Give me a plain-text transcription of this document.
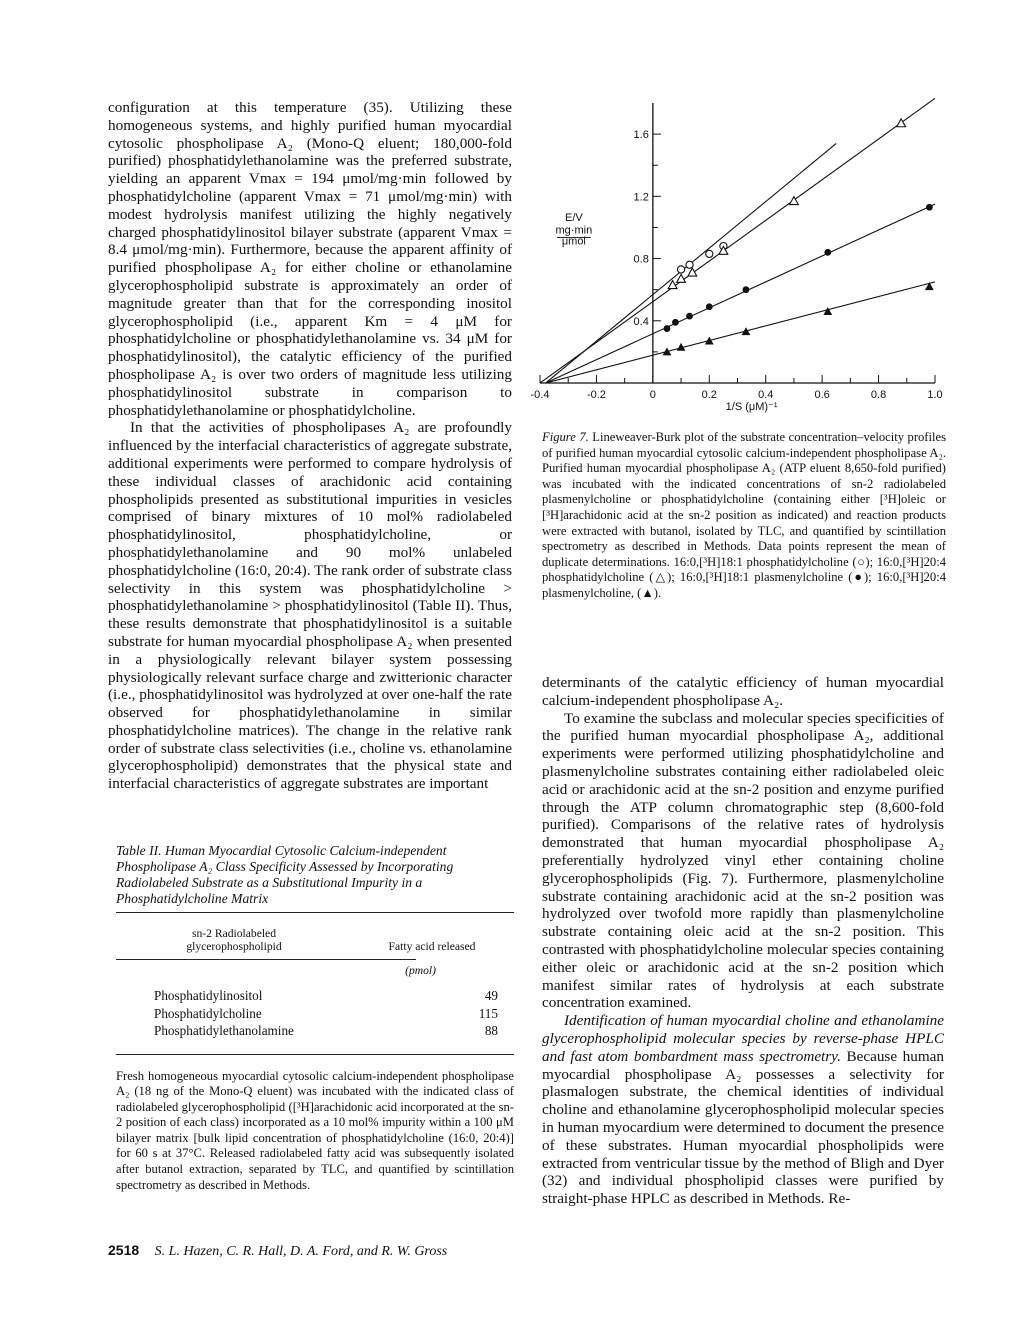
configuration at this temperature (35). Utilizing these homogeneous systems, and highly purified human myocardial cytosolic phospholipase A₂ (Mono-Q eluent; 180,000-fold purified) phosphatidylethanolamine was the preferred substrate, yielding an apparent Vmax = 194 μmol/mg·min followed by phosphatidylcholine (apparent Vmax = 71 μmol/mg·min) with modest hydrolysis manifest utilizing the highly negatively charged phosphatidylinositol bilayer substrate (apparent Vmax = 8.4 μmol/mg·min). Furthermore, because the apparent affinity of purified phospholipase A₂ for either choline or ethanolamine glycerophospholipid substrate is approximately an order of magnitude greater than that for the corresponding inositol glycerophospholipid (i.e., apparent Km = 4 μM for phosphatidylcholine or phosphatidylethanolamine vs. 34 μM for phosphatidylinositol), the catalytic efficiency of the purified phospholipase A₂ is over two orders of magnitude less utilizing phosphatidylinositol substrate in comparison to phosphatidylethanolamine or phosphatidylcholine.

In that the activities of phospholipases A₂ are profoundly influenced by the interfacial characteristics of aggregate substrate, additional experiments were performed to compare hydrolysis of these individual classes of arachidonic acid containing phospholipids presented as substitutional impurities in vesicles comprised of binary mixtures of 10 mol% radiolabeled phosphatidylinositol, phosphatidylcholine, or phosphatidylethanolamine and 90 mol% unlabeled phosphatidylcholine (16:0, 20:4). The rank order of substrate class selectivity in this system was phosphatidylcholine > phosphatidylethanolamine > phosphatidylinositol (Table II). Thus, these results demonstrate that phosphatidylinositol is a suitable substrate for human myocardial phospholipase A₂ when presented in a physiologically relevant bilayer system possessing physiologically relevant surface charge and zwitterionic character (i.e., phosphatidylinositol was hydrolyzed at over one-half the rate observed for phosphatidylethanolamine in similar phosphatidylcholine matrices). The change in the relative rank order of substrate class selectivities (i.e., choline vs. ethanolamine glycerophospholipid) demonstrates that the physical state and interfacial characteristics of aggregate substrates are important

Table II. Human Myocardial Cytosolic Calcium-independent Phospholipase A₂ Class Specificity Assessed by Incorporating Radiolabeled Substrate as a Substitutional Impurity in a Phosphatidylcholine Matrix
sn-2 Radiolabeled
glycerophospholipid	Fatty acid released
(pmol)
Phosphatidylinositol	49
Phosphatidylcholine	115
Phosphatidylethanolamine	88
Fresh homogeneous myocardial cytosolic calcium-independent phospholipase A₂ (18 ng of the Mono-Q eluent) was incubated with the indicated class of radiolabeled glycerophospholipid ([³H]arachidonic acid incorporated at the sn-2 position of each class) incorporated as a 10 mol% impurity within a 100 μM bilayer matrix [bulk lipid concentration of phosphatidylcholine (16:0, 20:4)] for 60 s at 37°C. Released radiolabeled fatty acid was subsequently isolated after butanol extraction, separated by TLC, and quantified by scintillation spectrometry as described in Methods.
2518 S. L. Hazen, C. R. Hall, D. A. Ford, and R. W. Gross
-0.4	-0.2	0	0.2	0.4	0.6	0.8	1.0
0.4
0.8
1.2
1.6
1/S (μM)⁻¹
E/V
mg·min
μmol
Figure 7. Lineweaver-Burk plot of the substrate concentration–velocity profiles of purified human myocardial cytosolic calcium-independent phospholipase A₂. Purified human myocardial phospholipase A₂ (ATP eluent 8,650-fold purified) was incubated with the indicated concentrations of sn-2 radiolabeled plasmenylcholine or phosphatidylcholine (containing either [³H]oleic or [³H]arachidonic acid at the sn-2 position as indicated) and reaction products were extracted with butanol, isolated by TLC, and quantified by scintillation spectrometry as described in Methods. Data points represent the mean of duplicate determinations. 16:0,[³H]18:1 phosphatidylcholine (○); 16:0,[³H]20:4 phosphatidylcholine (△); 16:0,[³H]18:1 plasmenylcholine (●); 16:0,[³H]20:4 plasmenylcholine, (▲).

determinants of the catalytic efficiency of human myocardial calcium-independent phospholipase A₂.

To examine the subclass and molecular species specificities of the purified human myocardial phospholipase A₂, additional experiments were performed utilizing phosphatidylcholine and plasmenylcholine substrates containing either radiolabeled oleic acid or arachidonic acid at the sn-2 position and enzyme purified through the ATP column chromatographic step (8,600-fold purified). Comparisons of the relative rates of hydrolysis demonstrated that human myocardial phospholipase A₂ preferentially hydrolyzed vinyl ether containing choline glycerophospholipids (Fig. 7). Furthermore, plasmenylcholine substrate containing arachidonic acid at the sn-2 position was hydrolyzed over twofold more rapidly than plasmenylcholine substrate containing oleic acid at the sn-2 position. This contrasted with phosphatidylcholine molecular species containing either oleic or arachidonic acid at the sn-2 position which manifest similar rates of hydrolysis at each substrate concentration examined.

Identification of human myocardial choline and ethanolamine glycerophospholipid molecular species by reverse-phase HPLC and fast atom bombardment mass spectrometry. Because human myocardial phospholipase A₂ possesses a selectivity for plasmalogen substrate, the chemical identities of individual choline and ethanolamine glycerophospholipid molecular species in human myocardium were determined to document the presence of these substrates. Human myocardial phospholipids were extracted from ventricular tissue by the method of Bligh and Dyer (32) and individual phospholipid classes were purified by straight-phase HPLC as described in Methods. Re-
